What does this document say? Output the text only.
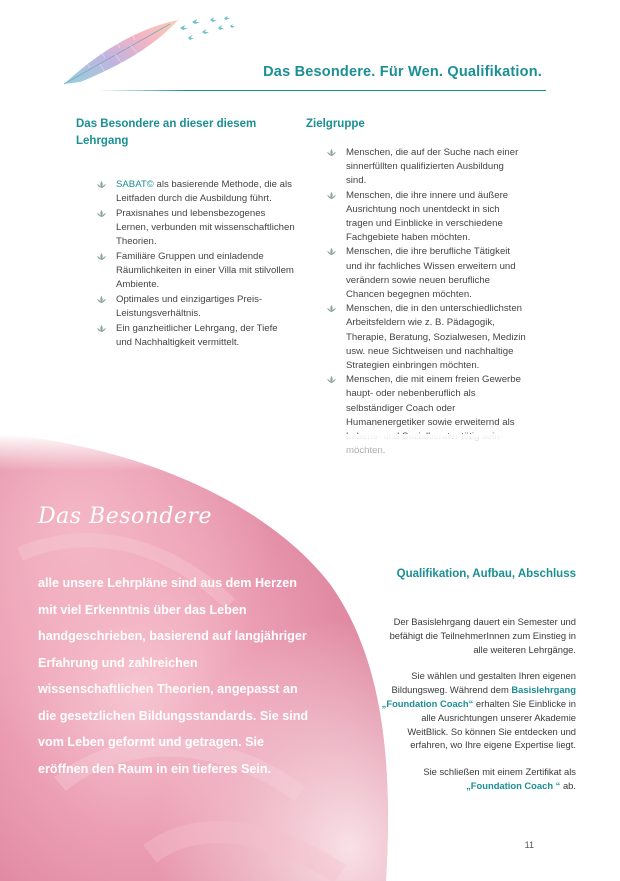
Das Besondere. Für Wen. Qualifikation.
Das Besondere an dieser diesem Lehrgang
SABAT© als basierende Methode, die als Leitfaden durch die Ausbildung führt.
Praxisnahes und lebensbezogenes Lernen, verbunden mit wissenschaftlichen Theorien.
Familiäre Gruppen und einladende Räumlichkeiten in einer Villa mit stilvollem Ambiente.
Optimales und einzigartiges Preis-Leistungsverhältnis.
Ein ganzheitlicher Lehrgang, der Tiefe und Nachhaltigkeit vermittelt.
Zielgruppe
Menschen, die auf der Suche nach einer sinnerfüllten qualifizierten Ausbildung sind.
Menschen, die ihre innere und äußere Ausrichtung noch unentdeckt in sich tragen und Einblicke in verschiedene Fachgebiete haben möchten.
Menschen, die ihre berufliche Tätigkeit und ihr fachliches Wissen erweitern und verändern sowie neuen berufliche Chancen begegnen möchten.
Menschen, die in den unterschiedlichsten Arbeitsfeldern wie z. B. Pädagogik, Therapie, Beratung, Sozialwesen, Medizin usw. neue Sichtweisen und nachhaltige Strategien einbringen möchten.
Menschen, die mit einem freien Gewerbe haupt- oder nebenberuflich als selbständiger Coach oder Humanenergetiker sowie erweiternd als
Das Besondere
alle unsere Lehrpläne sind aus dem Herzen mit viel Erkenntnis über das Leben handgeschrieben, basierend auf langjähriger Erfahrung und zahlreichen wissenschaftlichen Theorien, angepasst an die gesetzlichen Bildungsstandards. Sie sind vom Leben geformt und getragen. Sie eröffnen den Raum in ein tieferes Sein.
Qualifikation, Aufbau, Abschluss

Der Basislehrgang dauert ein Semester und befähigt die TeilnehmerInnen zum Einstieg in alle weiteren Lehrgänge.

Sie wählen und gestalten Ihren eigenen Bildungsweg. Während dem Basislehrgang „Foundation Coach“ erhalten Sie Einblicke in alle Ausrichtungen unserer Akademie WeitBlick. So können Sie entdecken und erfahren, wo Ihre eigene Expertise liegt.

Sie schließen mit einem Zertifikat als
„Foundation Coach “ ab.

11
